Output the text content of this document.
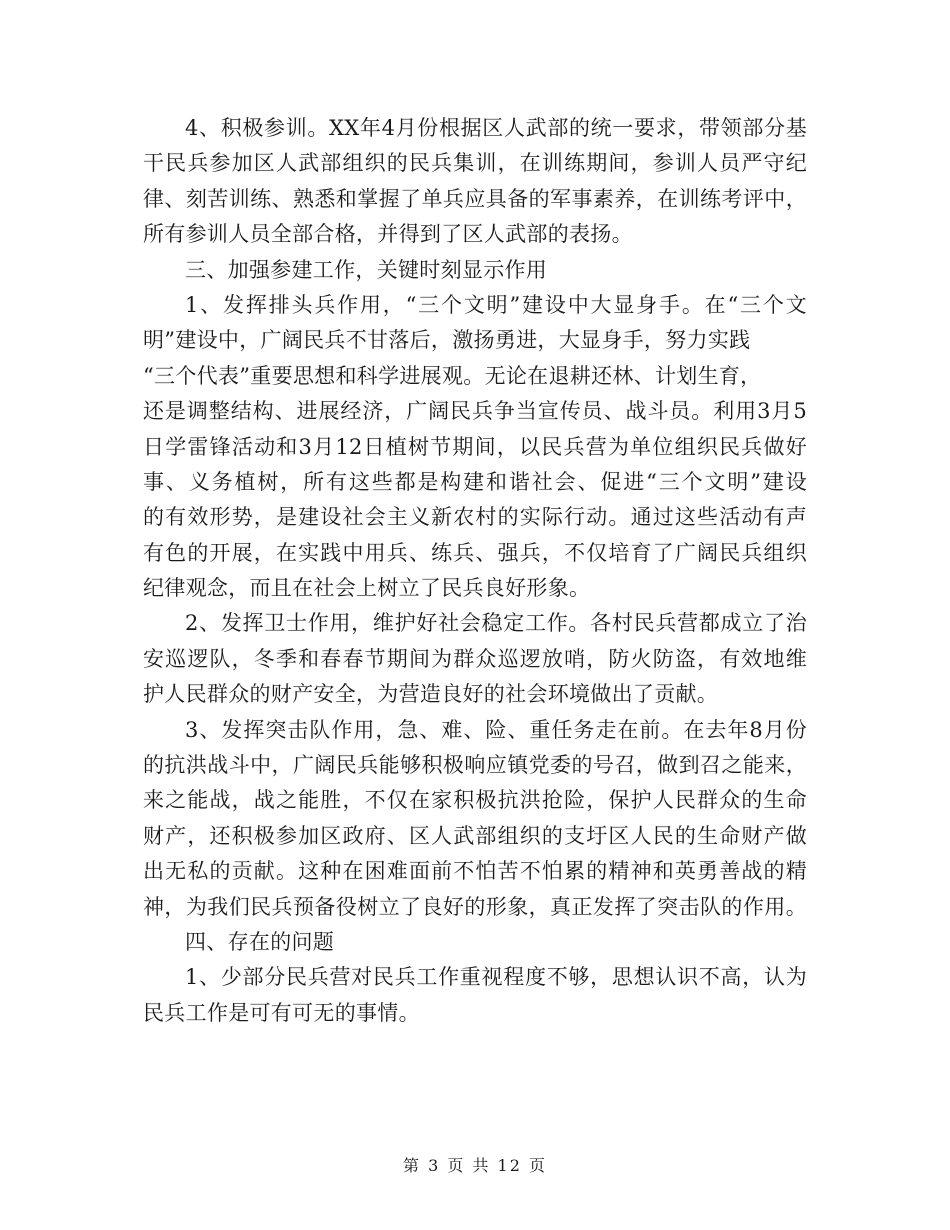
4、积极参训。XX年4月份根据区人武部的统一要求，带领部分基
干民兵参加区人武部组织的民兵集训，在训练期间，参训人员严守纪
律、刻苦训练、熟悉和掌握了单兵应具备的军事素养，在训练考评中，
所有参训人员全部合格，并得到了区人武部的表扬。
三、加强参建工作，关键时刻显示作用
1、发挥排头兵作用，“三个文明”建设中大显身手。在“三个文
明”建设中，广阔民兵不甘落后，激扬勇进，大显身手，努力实践
“三个代表”重要思想和科学进展观。无论在退耕还林、计划生育，
还是调整结构、进展经济，广阔民兵争当宣传员、战斗员。利用3月5
日学雷锋活动和3月12日植树节期间，以民兵营为单位组织民兵做好
事、义务植树，所有这些都是构建和谐社会、促进“三个文明”建设
的有效形势，是建设社会主义新农村的实际行动。通过这些活动有声
有色的开展，在实践中用兵、练兵、强兵，不仅培育了广阔民兵组织
纪律观念，而且在社会上树立了民兵良好形象。
2、发挥卫士作用，维护好社会稳定工作。各村民兵营都成立了治
安巡逻队，冬季和春春节期间为群众巡逻放哨，防火防盗，有效地维
护人民群众的财产安全，为营造良好的社会环境做出了贡献。
3、发挥突击队作用，急、难、险、重任务走在前。在去年8月份
的抗洪战斗中，广阔民兵能够积极响应镇党委的号召，做到召之能来，
来之能战，战之能胜，不仅在家积极抗洪抢险，保护人民群众的生命
财产，还积极参加区政府、区人武部组织的支圩区人民的生命财产做
出无私的贡献。这种在困难面前不怕苦不怕累的精神和英勇善战的精
神，为我们民兵预备役树立了良好的形象，真正发挥了突击队的作用。
四、存在的问题
1、少部分民兵营对民兵工作重视程度不够，思想认识不高，认为
民兵工作是可有可无的事情。
第 3 页 共 12 页
